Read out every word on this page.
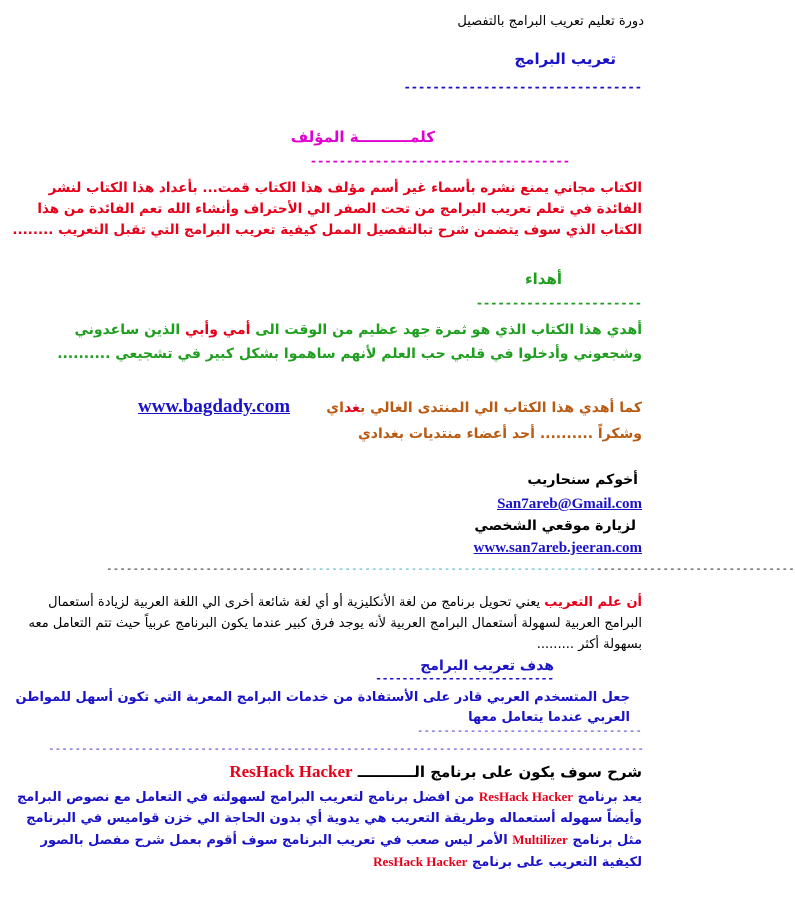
دورة تعليم تعريب البرامج بالتفصيل
تعريب البرامج
---------------------------------
كلمــــــــــة المؤلف
------------------------------------
الكتاب مجاني يمنع نشره بأسماء غير أسم مؤلف هذا الكتاب قمت... بأعداد هذا الكتاب لنشر الفائدة في تعلم تعريب البرامج من تحت الصفر الي الأحتراف وأنشاء الله تعم الفائدة من هذا الكتاب الذي سوف يتضمن شرح تبالتفصيل الممل كيفية تعريب البرامج التي تقبل التعريب ........
أهداء
-----------------------
أهدي هذا الكتاب الذي هو ثمرة جهد عظيم من الوقت الى أمي وأبي الذين ساعدوني وشجعوني وأدخلوا في قلبي حب العلم لأنهم ساهموا بشكل كبير في تشجيعي ..........
كما أهدي هذا الكتاب الي المنتدى الغالي بغداي
www.bagdady.com
وشكراً .......... أحد أعضاء منتديات بغدادي
أخوكم سنحاريب
San7areb@Gmail.com
لزيارة موقعي الشخصي
www.san7areb.jeeran.com
--------------------------------------------------------------------------------------------------------
أن علم التعريب يعني تحويل برنامج من لغة الأنكليزية أو أي لغة شائعة أخرى الي اللغة العربية لزيادة أستعمال البرامج العربية لسهولة أستعمال البرامج العربية لأنه يوجد فرق كبير عندما يكون البرنامج عربياً حيث تتم التعامل معه بسهولة أكثر .........
هدف تعريب البرامج
---------------------------
جعل المتسخدم العربي قادر على الأستفادة من خدمات البرامج المعربة التي تكون أسهل للمواطن العربي عندما يتعامل معها
----------------------------------
------------------------------------------------------------------------------------------
شرح سوف يكون على برنامج الـــــــــــ ResHack Hacker
يعد برنامج ResHack Hacker من افضل برنامج لتعريب البرامج لسهولته في التعامل مع نصوص البرامج وأيضاً سهوله أستعماله وطريقة التعريب هي يدوية أي بدون الحاجة الي خزن قواميس في البرنامج مثل برنامج Multilizer الأمر ليس صعب في تعريب البرنامج سوف أقوم بعمل شرح مفصل بالصور لكيفية التعريب على برنامج ResHack Hacker
